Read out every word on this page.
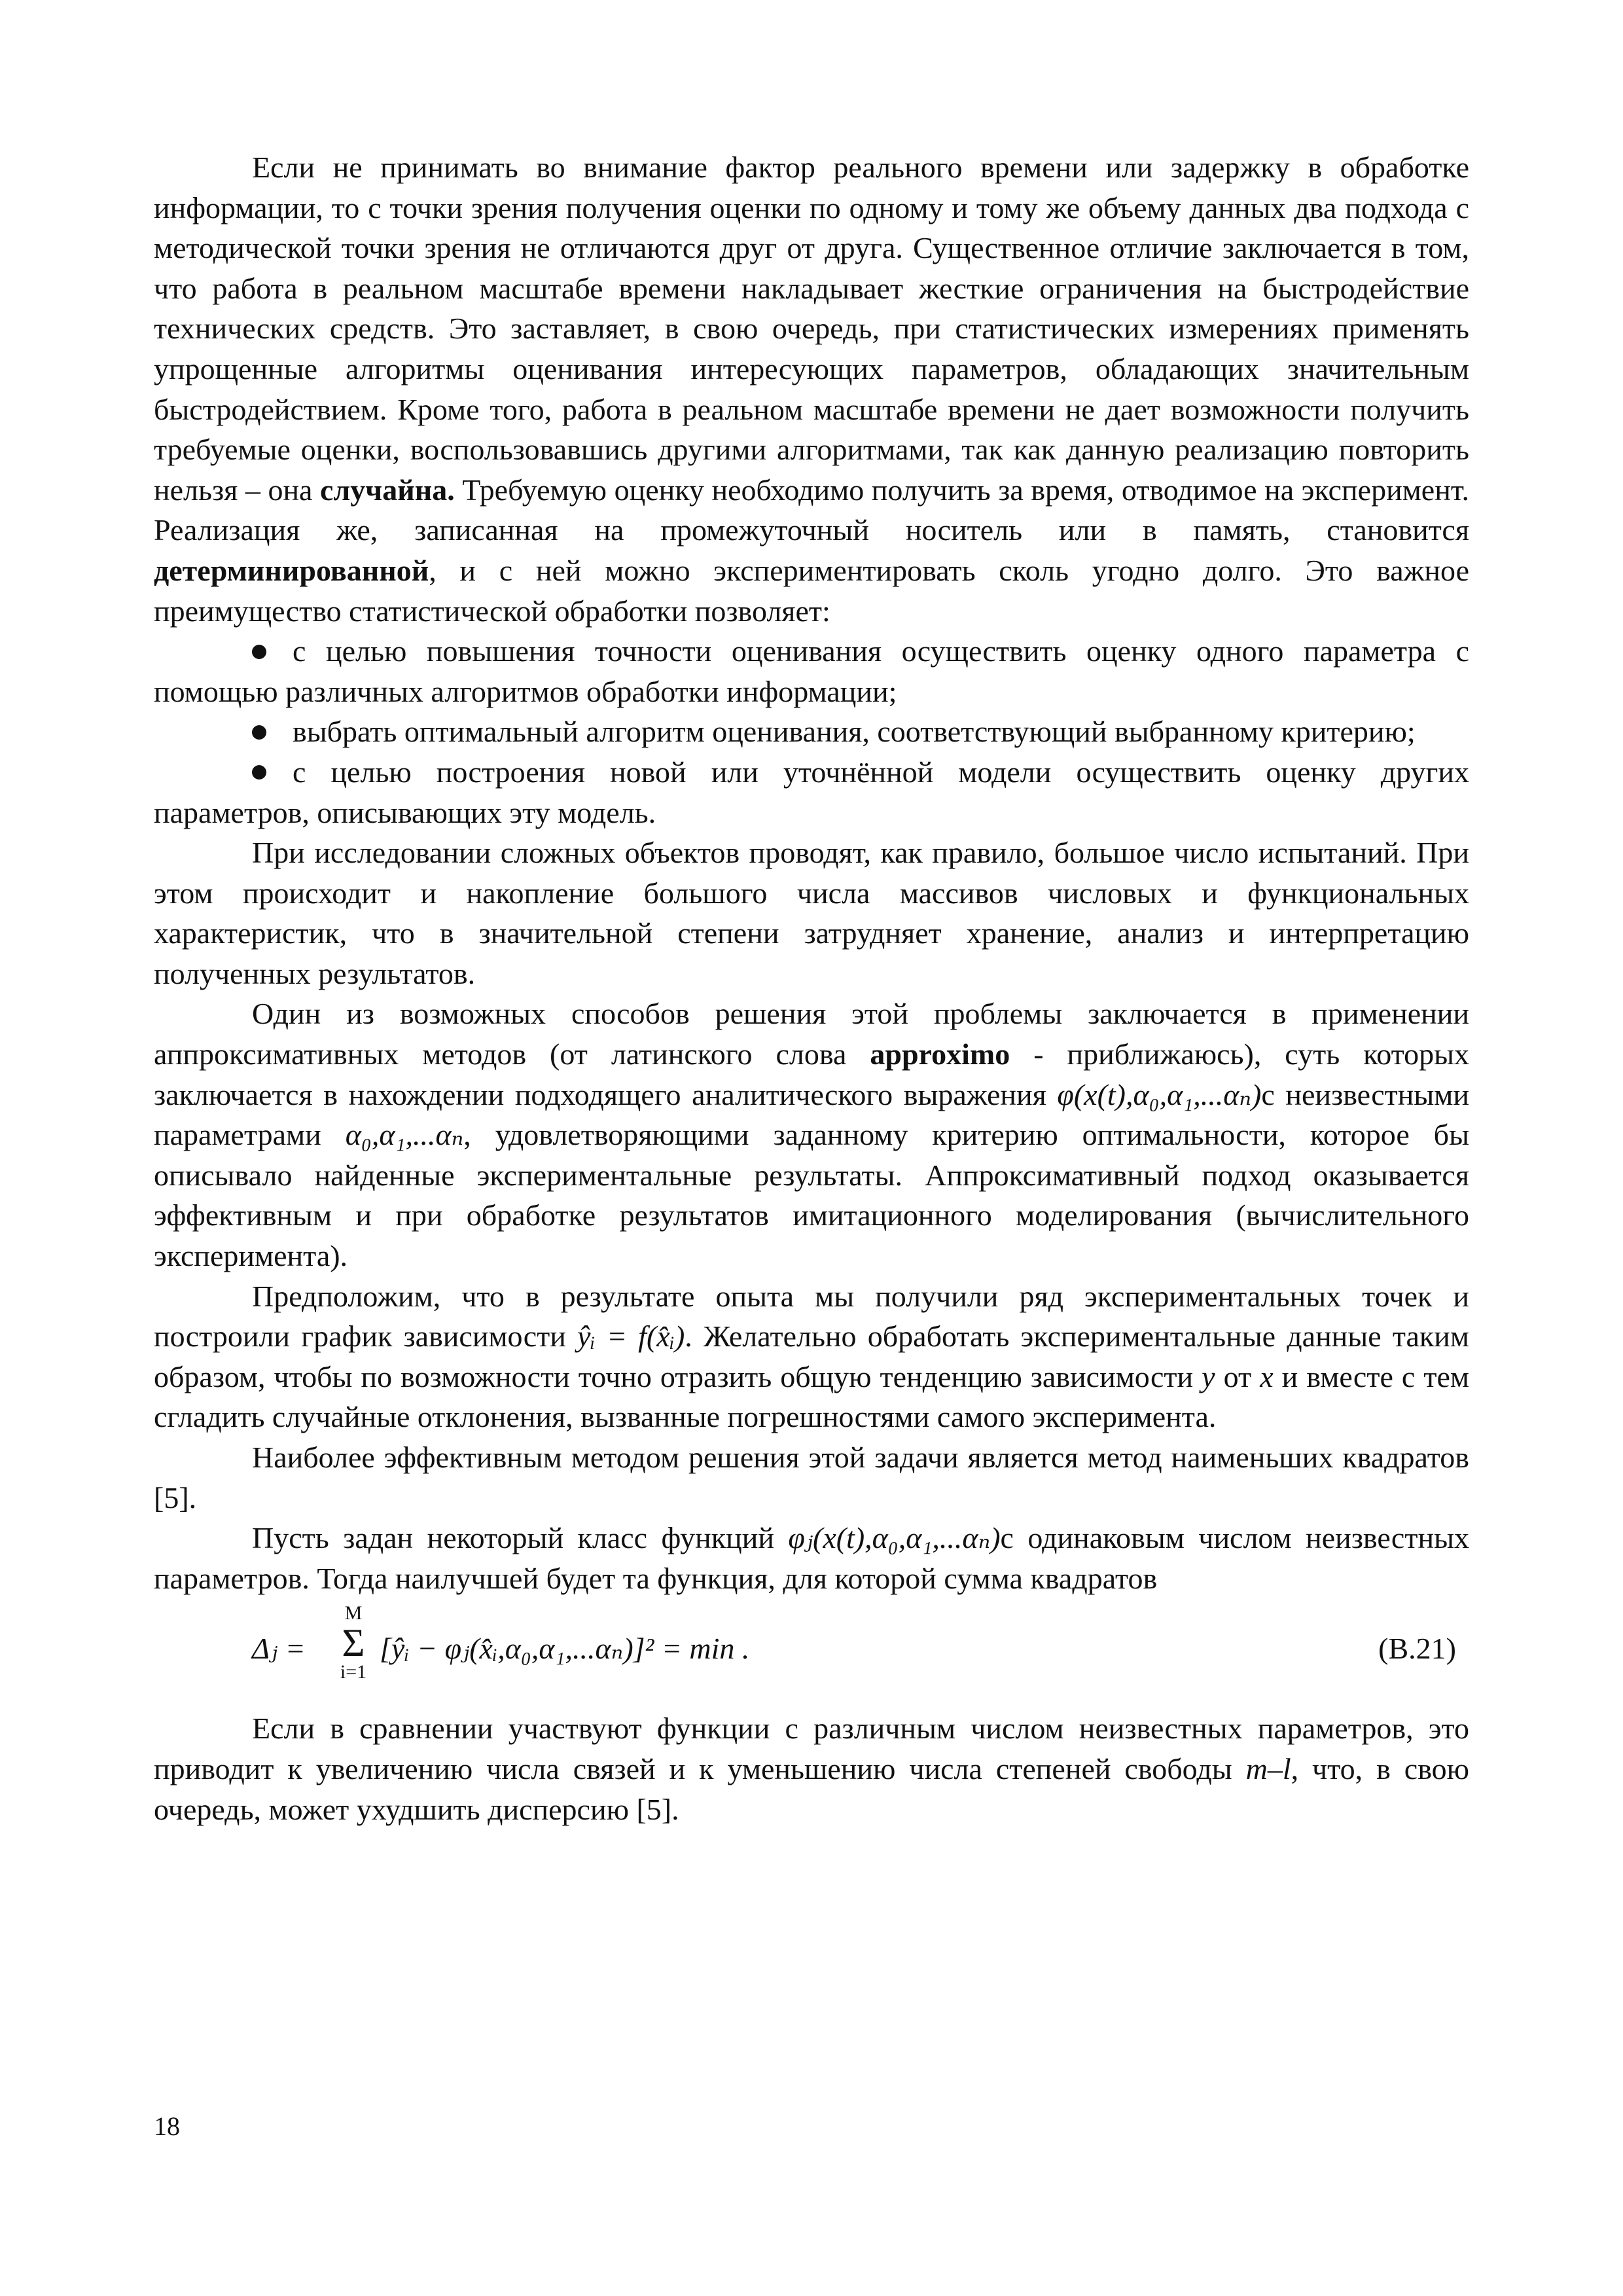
Если не принимать во внимание фактор реального времени или задержку в обработке информации, то с точки зрения получения оценки по одному и тому же объему данных два подхода с методической точки зрения не отличаются друг от друга. Существенное отличие заключается в том, что работа в реальном масштабе времени накладывает жесткие ограничения на быстродействие технических средств. Это заставляет, в свою очередь, при статистических измерениях применять упрощенные алгоритмы оценивания интересующих параметров, обладающих значительным быстродействием. Кроме того, работа в реальном масштабе времени не дает возможности получить требуемые оценки, воспользовавшись другими алгоритмами, так как данную реализацию повторить нельзя – она случайна. Требуемую оценку необходимо получить за время, отводимое на эксперимент. Реализация же, записанная на промежуточный носитель или в память, становится детерминированной, и с ней можно экспериментировать сколь угодно долго. Это важное преимущество статистической обработки позволяет:

с целью повышения точности оценивания осуществить оценку одного параметра с помощью различных алгоритмов обработки информации;

выбрать оптимальный алгоритм оценивания, соответствующий выбранному критерию;

с целью построения новой или уточнённой модели осуществить оценку других параметров, описывающих эту модель.

При исследовании сложных объектов проводят, как правило, большое число испытаний. При этом происходит и накопление большого числа массивов числовых и функциональных характеристик, что в значительной степени затрудняет хранение, анализ и интерпретацию полученных результатов.

Один из возможных способов решения этой проблемы заключается в применении аппроксимативных методов (от латинского слова approximo - приближаюсь), суть которых заключается в нахождении подходящего аналитического выражения φ(x(t),α₀,α₁,...αₙ)с неизвестными параметрами α₀,α₁,...αₙ, удовлетворяющими заданному критерию оптимальности, которое бы описывало найденные экспериментальные результаты. Аппроксимативный подход оказывается эффективным и при обработке результатов имитационного моделирования (вычислительного эксперимента).

Предположим, что в результате опыта мы получили ряд экспериментальных точек и построили график зависимости ŷᵢ = f(x̂ᵢ). Желательно обработать экспериментальные данные таким образом, чтобы по возможности точно отразить общую тенденцию зависимости y от x и вместе с тем сгладить случайные отклонения, вызванные погрешностями самого эксперимента.

Наиболее эффективным методом решения этой задачи является метод наименьших квадратов [5].

Пусть задан некоторый класс функций φⱼ(x(t),α₀,α₁,...αₙ)с одинаковым числом неизвестных параметров. Тогда наилучшей будет та функция, для которой сумма квадратов

Δⱼ =
M
Σ
i=1
[ŷᵢ − φⱼ(x̂ᵢ,α₀,α₁,...αₙ)]² = min .	(В.21)

Если в сравнении участвуют функции с различным числом неизвестных параметров, это приводит к увеличению числа связей и к уменьшению числа степеней свободы m–l, что, в свою очередь, может ухудшить дисперсию [5].

18
